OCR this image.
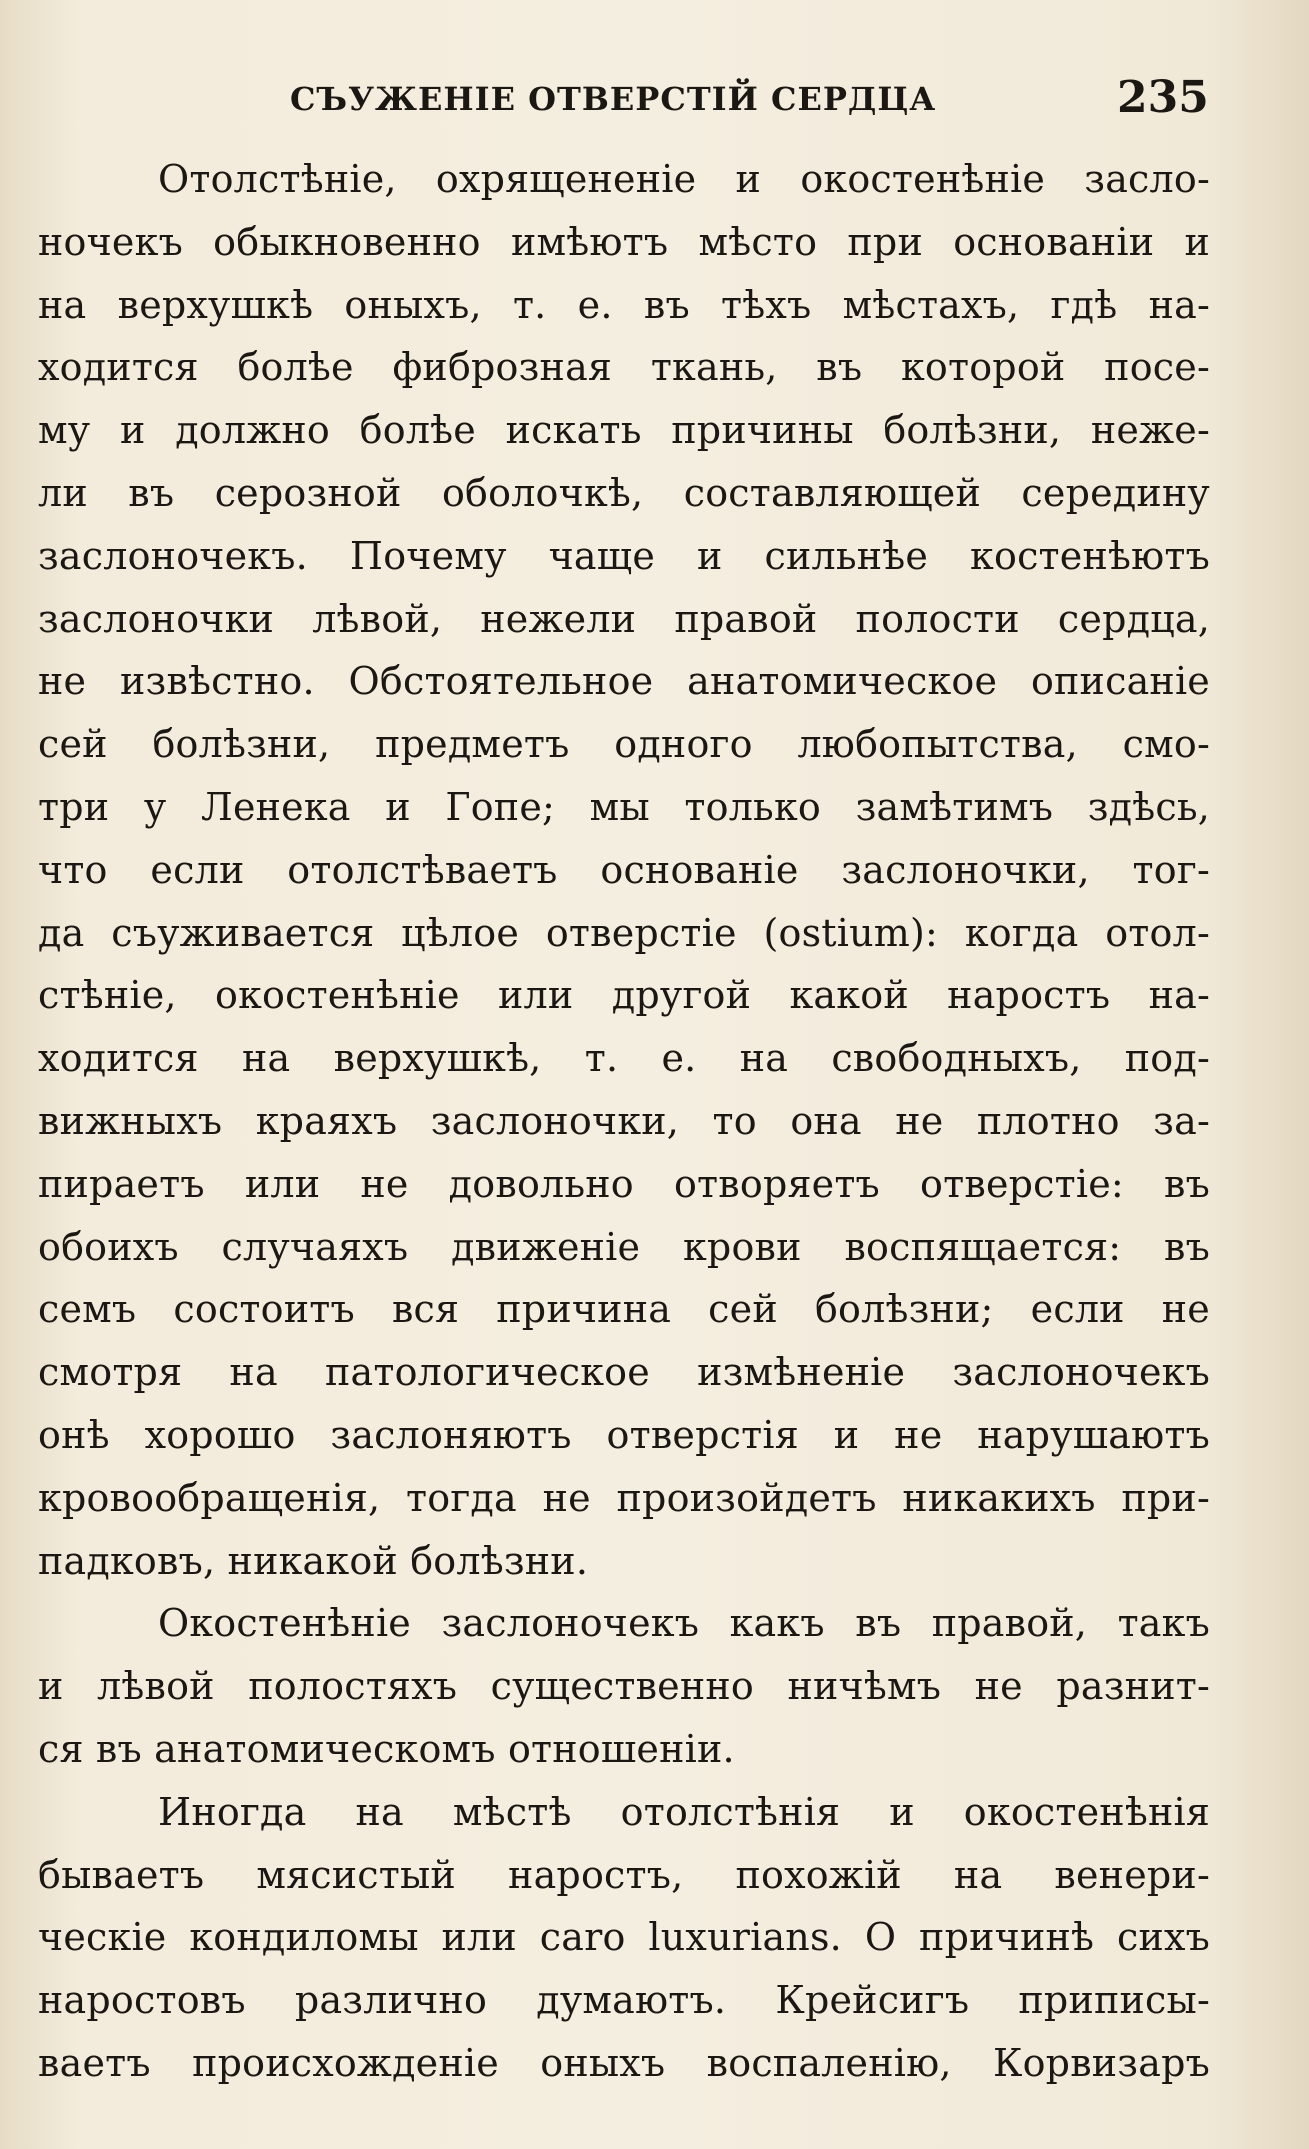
СЪУЖЕНІЕ ОТВЕРСТІЙ СЕРДЦА	235
Отолстѣніе, охрящененіе и окостенѣніе засло-
ночекъ обыкновенно имѣютъ мѣсто при основаніи и
на верхушкѣ оныхъ, т. е. въ тѣхъ мѣстахъ, гдѣ на-
ходится болѣе фиброзная ткань, въ которой посе-
му и должно болѣе искать причины болѣзни, неже-
ли въ серозной оболочкѣ, составляющей середину
заслоночекъ. Почему чаще и сильнѣе костенѣютъ
заслоночки лѣвой, нежели правой полости сердца,
не извѣстно. Обстоятельное анатомическое описаніе
сей болѣзни, предметъ одного любопытства, смо-
три у Ленека и Гопе; мы только замѣтимъ здѣсь,
что если отолстѣваетъ основаніе заслоночки, тог-
да съуживается цѣлое отверстіе (ostium): когда отол-
стѣніе, окостенѣніе или другой какой наростъ на-
ходится на верхушкѣ, т. е. на свободныхъ, под-
вижныхъ краяхъ заслоночки, то она не плотно за-
пираетъ или не довольно отворяетъ отверстіе: въ
обоихъ случаяхъ движеніе крови воспящается: въ
семъ состоитъ вся причина сей болѣзни; если не
смотря на патологическое измѣненіе заслоночекъ
онѣ хорошо заслоняютъ отверстія и не нарушаютъ
кровообращенія, тогда не произойдетъ никакихъ при-
падковъ, никакой болѣзни.
Окостенѣніе заслоночекъ какъ въ правой, такъ
и лѣвой полостяхъ существенно ничѣмъ не разнит-
ся въ анатомическомъ отношеніи.
Иногда на мѣстѣ отолстѣнія и окостенѣнія
бываетъ мясистый наростъ, похожій на венери-
ческіе кондиломы или caro luxurians. О причинѣ сихъ
наростовъ различно думаютъ. Крейсигъ приписы-
ваетъ происхожденіе оныхъ воспаленію, Корвизаръ
